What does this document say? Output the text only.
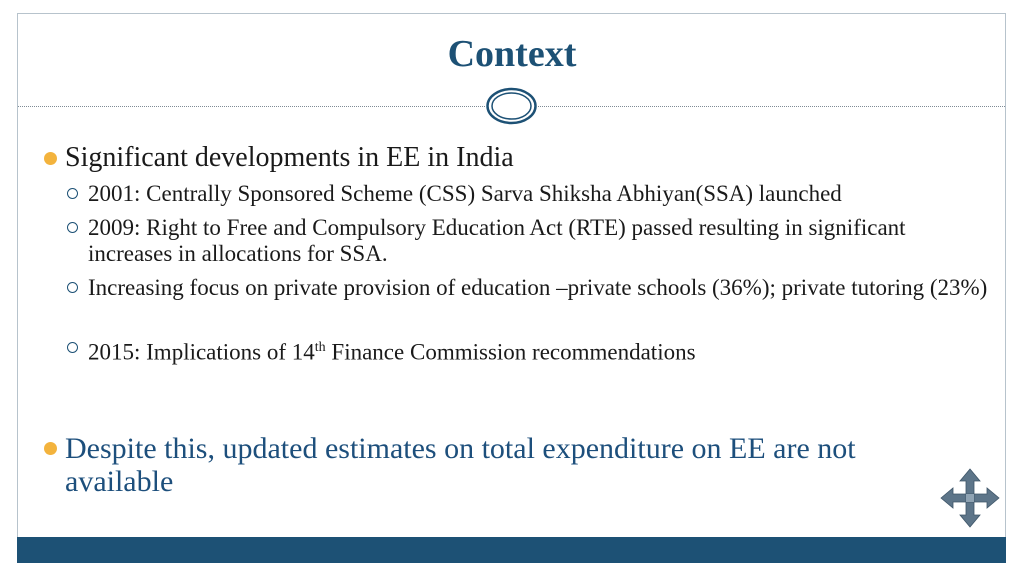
Context
Significant developments in EE in India
2001: Centrally Sponsored Scheme (CSS) Sarva Shiksha Abhiyan(SSA) launched
2009: Right to Free and Compulsory Education Act (RTE) passed resulting in significant increases in allocations for SSA.
Increasing focus on private provision of education –private schools (36%); private tutoring (23%)
2015: Implications of 14th Finance Commission recommendations
Despite this, updated estimates on total expenditure on EE are not
available
